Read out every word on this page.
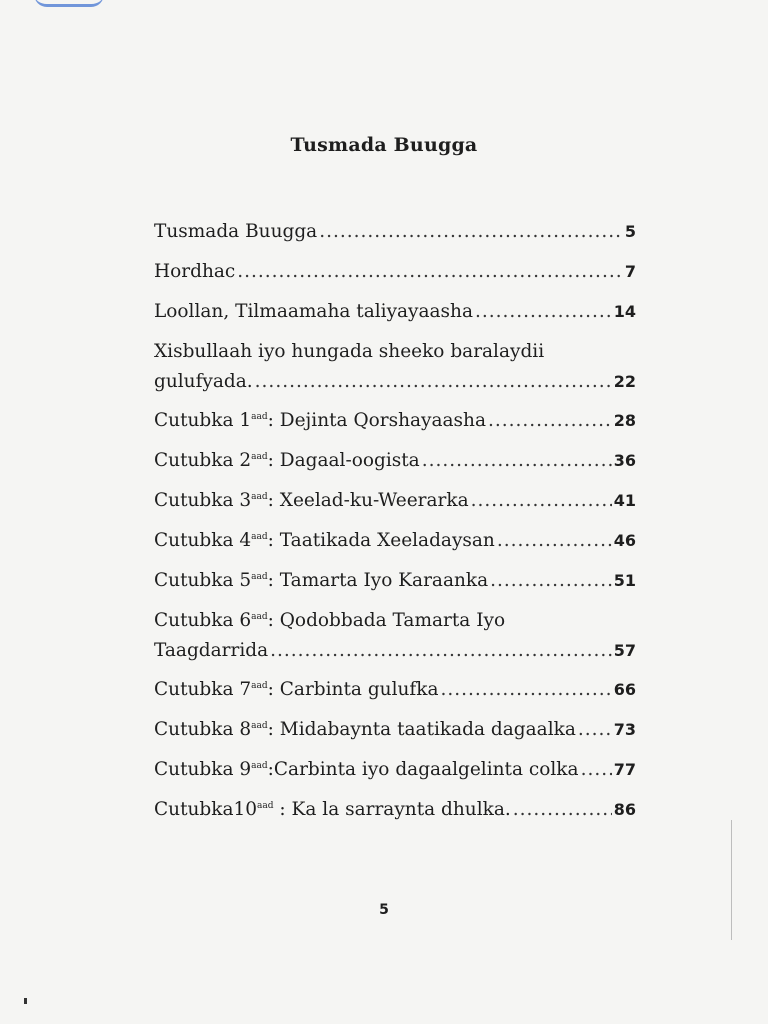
Tusmada Buugga
Tusmada Buugga .....	5
Hordhac .....	7
Loollan, Tilmaamaha taliyayaasha .....	14
Xisbullaah iyo hungada sheeko baralaydii
gulufyada. .....	22
Cutubka $1^{aad}$: Dejinta Qorshayaasha .....	28
Cutubka $2^{aad}$: Dagaal-oogista .....	36
Cutubka $3^{aad}$: Xeelad-ku-Weerarka .....	41
Cutubka $4^{aad}$: Taatikada Xeeladaysan .....	46
Cutubka $5^{aad}$: Tamarta Iyo Karaanka .....	51
Cutubka $6^{aad}$: Qodobbada Tamarta Iyo
Taagdarrida .....	57
Cutubka $7^{aad}$: Carbinta gulufka .....	66
Cutubka $8^{aad}$: Midabaynta taatikada dagaalka ..... 73
Cutubka $9^{aad}:Carbinta$ iyo dagaalgelinta colka ..... 77
$Cutubka10^{aad}$ : Ka la sarraynta dhulka. .....	86
5
